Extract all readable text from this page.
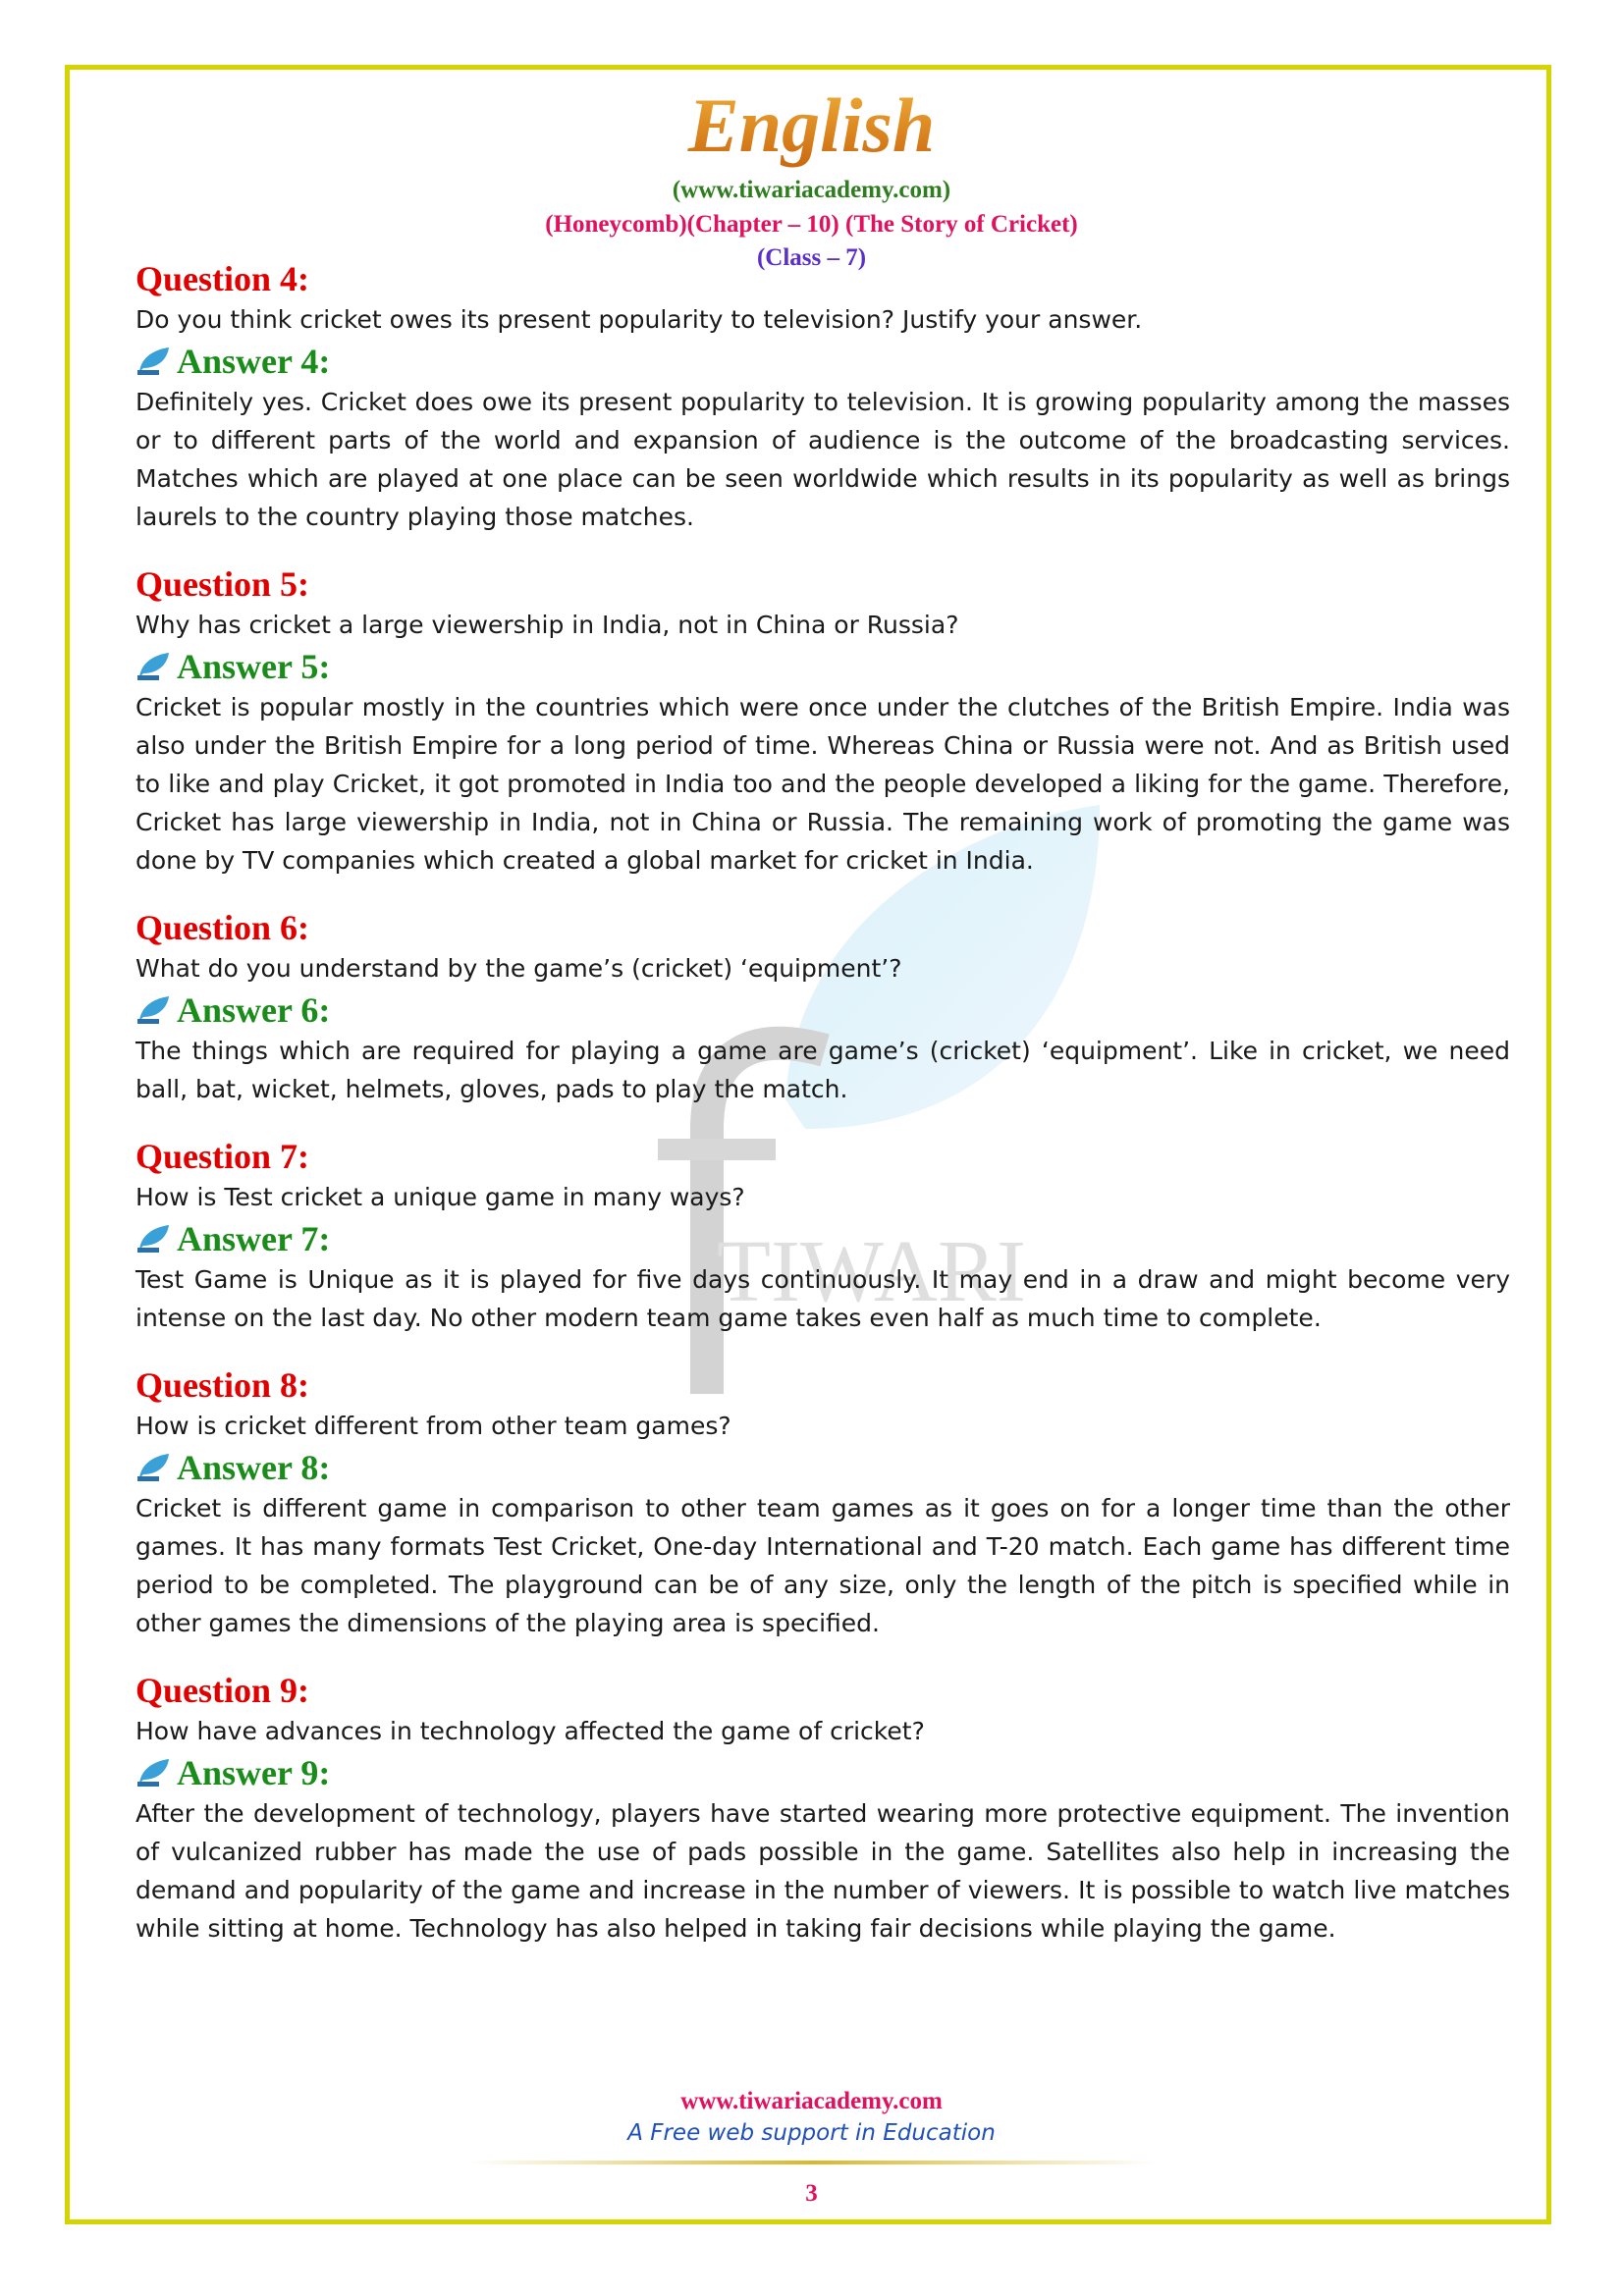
TIWARI
English
(www.tiwariacademy.com)
(Honeycomb)(Chapter – 10) (The Story of Cricket)
(Class – 7)
Question 4:
Do you think cricket owes its present popularity to television? Justify your answer.
Answer 4:
Definitely yes. Cricket does owe its present popularity to television. It is growing popularity among the masses or to different parts of the world and expansion of audience is the outcome of the broadcasting services. Matches which are played at one place can be seen worldwide which results in its popularity as well as brings laurels to the country playing those matches.
Question 5:
Why has cricket a large viewership in India, not in China or Russia?
Answer 5:
Cricket is popular mostly in the countries which were once under the clutches of the British Empire. India was also under the British Empire for a long period of time. Whereas China or Russia were not. And as British used to like and play Cricket, it got promoted in India too and the people developed a liking for the game. Therefore, Cricket has large viewership in India, not in China or Russia. The remaining work of promoting the game was done by TV companies which created a global market for cricket in India.
Question 6:
What do you understand by the game’s (cricket) ‘equipment’?
Answer 6:
The things which are required for playing a game are game’s (cricket) ‘equipment’. Like in cricket, we need ball, bat, wicket, helmets, gloves, pads to play the match.
Question 7:
How is Test cricket a unique game in many ways?
Answer 7:
Test Game is Unique as it is played for five days continuously. It may end in a draw and might become very intense on the last day. No other modern team game takes even half as much time to complete.
Question 8:
How is cricket different from other team games?
Answer 8:
Cricket is different game in comparison to other team games as it goes on for a longer time than the other games. It has many formats Test Cricket, One-day International and T-20 match. Each game has different time period to be completed. The playground can be of any size, only the length of the pitch is specified while in other games the dimensions of the playing area is specified.
Question 9:
How have advances in technology affected the game of cricket?
Answer 9:
After the development of technology, players have started wearing more protective equipment. The invention of vulcanized rubber has made the use of pads possible in the game. Satellites also help in increasing the demand and popularity of the game and increase in the number of viewers. It is possible to watch live matches while sitting at home. Technology has also helped in taking fair decisions while playing the game.
www.tiwariacademy.com
A Free web support in Education
3
